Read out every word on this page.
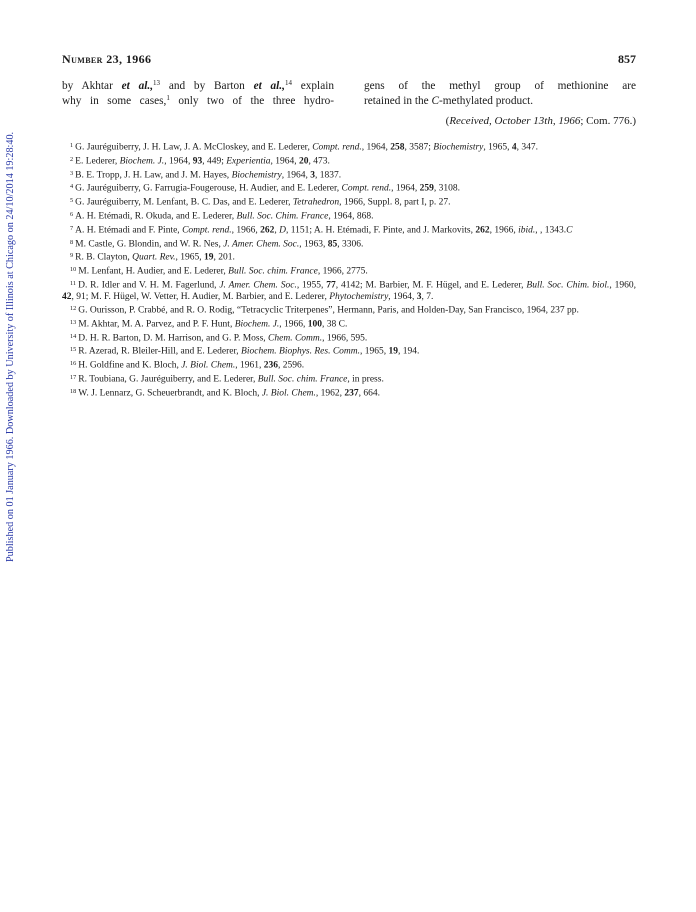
Published on 01 January 1966. Downloaded by University of Illinois at Chicago on 24/10/2014 19:28:40.
Number 23, 1966	857
by Akhtar et al.,$^{13}$ and by Barton et al.,$^{14}$ explain
why in some cases,$^1$ only two of the three hydro-
gens of the methyl group of methionine are
retained in the C-methylated product.
(Received, October 13th, 1966; Com. 776.)

$^1$ G. Jauréguiberry, J. H. Law, J. A. McCloskey, and E. Lederer, Compt. rend., 1964, 258, 3587; Biochemistry, 1965, 4, 347.

$^2$ E. Lederer, Biochem. J., 1964, 93, 449; Experientia, 1964, 20, 473.

$^3$ B. E. Tropp, J. H. Law, and J. M. Hayes, Biochemistry, 1964, 3, 1837.

$^4$ G. Jauréguiberry, G. Farrugia-Fougerouse, H. Audier, and E. Lederer, Compt. rend., 1964, 259, 3108.

$^5$ G. Jauréguiberry, M. Lenfant, B. C. Das, and E. Lederer, Tetrahedron, 1966, Suppl. 8, part I, p. 27.

$^6$ A. H. Etémadi, R. Okuda, and E. Lederer, Bull. Soc. Chim. France, 1964, 868.

$^7$ A. H. Etémadi and F. Pinte, Compt. rend., 1966, 262, D, 1151; A. H. Etémadi, F. Pinte, and J. Markovits, 262, 1966, ibid., , 1343.C

$^8$ M. Castle, G. Blondin, and W. R. Nes, J. Amer. Chem. Soc., 1963, 85, 3306.

$^9$ R. B. Clayton, Quart. Rev., 1965, 19, 201.

$^{10}$ M. Lenfant, H. Audier, and E. Lederer, Bull. Soc. chim. France, 1966, 2775.

$^{11}$ D. R. Idler and V. H. M. Fagerlund, J. Amer. Chem. Soc., 1955, 77, 4142; M. Barbier, M. F. Hügel, and E. Lederer, Bull. Soc. Chim. biol., 1960, 42, 91; M. F. Hügel, W. Vetter, H. Audier, M. Barbier, and E. Lederer, Phytochemistry, 1964, 3, 7.

$^{12}$ G. Ourisson, P. Crabbé, and R. O. Rodig, “Tetracyclic Triterpenes”, Hermann, Paris, and Holden-Day, San Francisco, 1964, 237 pp.

$^{13}$ M. Akhtar, M. A. Parvez, and P. F. Hunt, Biochem. J., 1966, 100, 38 C.

$^{14}$ D. H. R. Barton, D. M. Harrison, and G. P. Moss, Chem. Comm., 1966, 595.

$^{15}$ R. Azerad, R. Bleiler-Hill, and E. Lederer, Biochem. Biophys. Res. Comm., 1965, 19, 194.

$^{16}$ H. Goldfine and K. Bloch, J. Biol. Chem., 1961, 236, 2596.

$^{17}$ R. Toubiana, G. Jauréguiberry, and E. Lederer, Bull. Soc. chim. France, in press.

$^{18}$ W. J. Lennarz, G. Scheuerbrandt, and K. Bloch, J. Biol. Chem., 1962, 237, 664.
